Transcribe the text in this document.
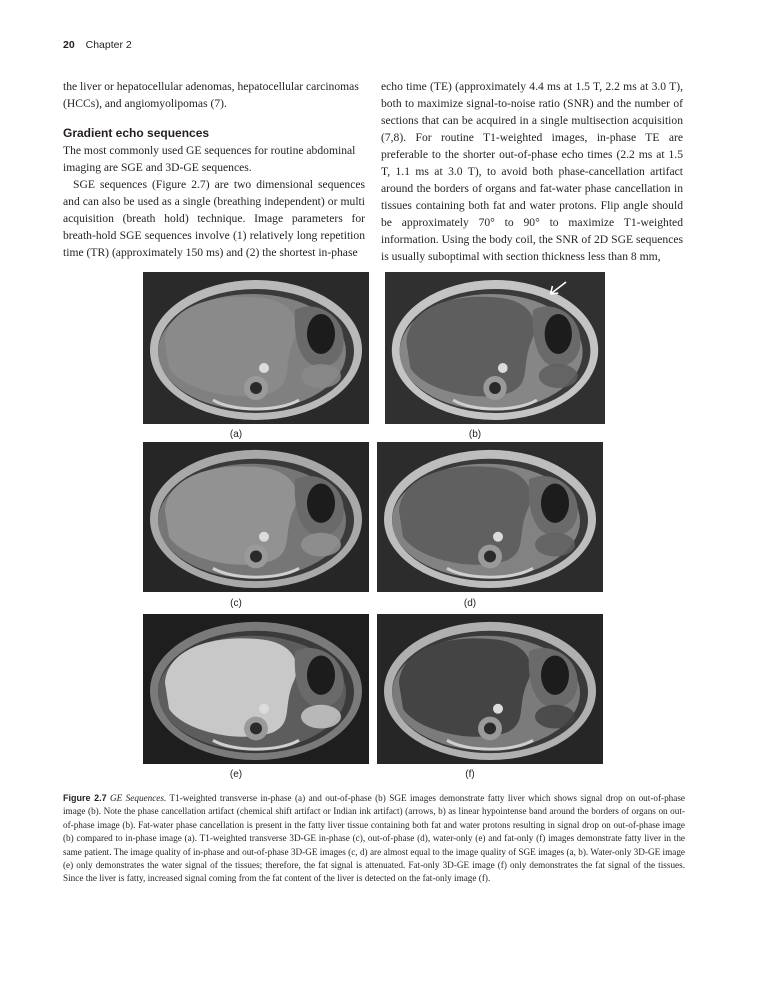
20 Chapter 2

the liver or hepatocellular adenomas, hepatocellular carcinomas (HCCs), and angiomyolipomas (7).

Gradient echo sequences

The most commonly used GE sequences for routine abdominal imaging are SGE and 3D-GE sequences.

SGE sequences (Figure 2.7) are two dimensional sequences and can also be used as a single (breathing independent) or multi acquisition (breath hold) technique. Image parameters for breath-hold SGE sequences involve (1) relatively long repetition time (TR) (approximately 150 ms) and (2) the shortest in-phase

echo time (TE) (approximately 4.4 ms at 1.5 T, 2.2 ms at 3.0 T), both to maximize signal-to-noise ratio (SNR) and the number of sections that can be acquired in a single multisection acquisition (7,8). For routine T1-weighted images, in-phase TE are preferable to the shorter out-of-phase echo times (2.2 ms at 1.5 T, 1.1 ms at 3.0 T), to avoid both phase-cancellation artifact around the borders of organs and fat-water phase cancellation in tissues containing both fat and water protons. Flip angle should be approximately 70° to 90° to maximize T1-weighted information. Using the body coil, the SNR of 2D SGE sequences is usually suboptimal with section thickness less than 8 mm,

(a)	(b)
(c)	(d)
(e)	(f)
Figure 2.7 GE Sequences. T1-weighted transverse in-phase (a) and out-of-phase (b) SGE images demonstrate fatty liver which shows signal drop on out-of-phase image (b). Note the phase cancellation artifact (chemical shift artifact or Indian ink artifact) (arrows, b) as linear hypointense band around the borders of organs on out-of-phase image (b). Fat-water phase cancellation is present in the fatty liver tissue containing both fat and water protons resulting in signal drop on out-of-phase image (b) compared to in-phase image (a). T1-weighted transverse 3D-GE in-phase (c), out-of-phase (d), water-only (e) and fat-only (f) images demonstrate fatty liver in the same patient. The image quality of in-phase and out-of-phase 3D-GE images (c, d) are almost equal to the image quality of SGE images (a, b). Water-only 3D-GE image (e) only demonstrates the water signal of the tissues; therefore, the fat signal is attenuated. Fat-only 3D-GE image (f) only demonstrates the fat signal of the tissues. Since the liver is fatty, increased signal coming from the fat content of the liver is detected on the fat-only image (f).
